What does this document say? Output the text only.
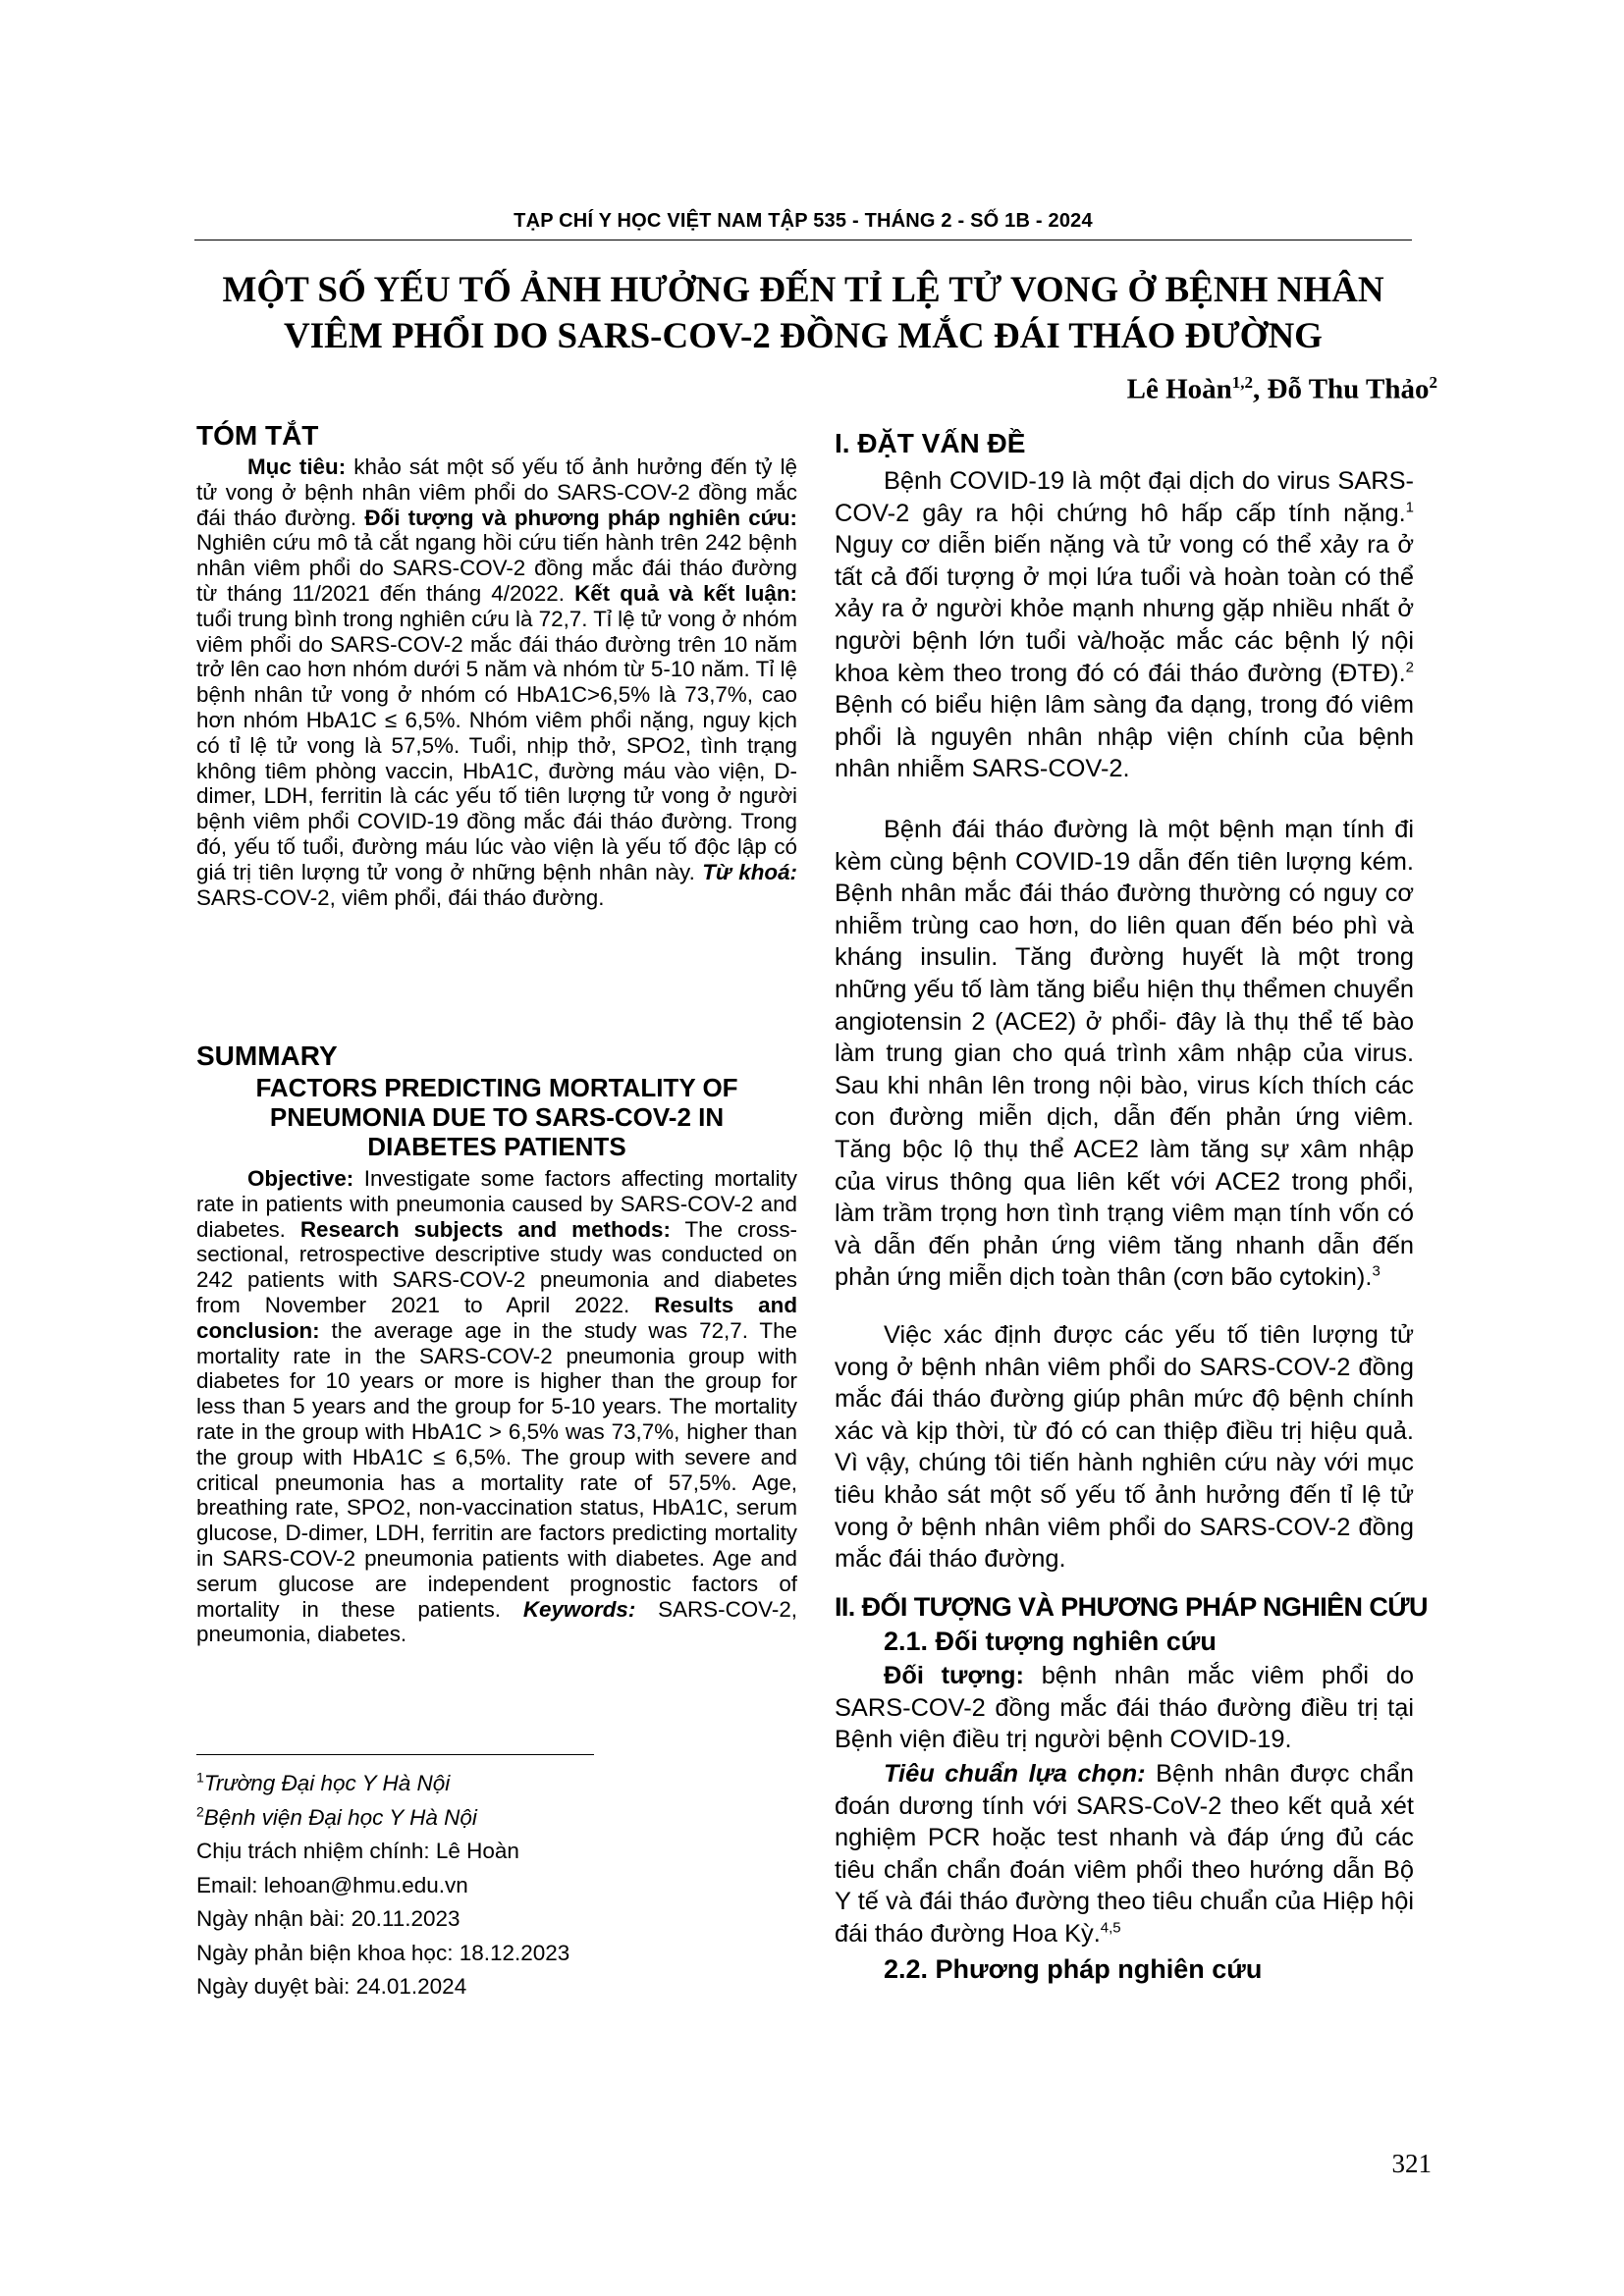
TẠP CHÍ Y HỌC VIỆT NAM TẬP 535 - THÁNG 2 - SỐ 1B - 2024
MỘT SỐ YẾU TỐ ẢNH HƯỞNG ĐẾN TỈ LỆ TỬ VONG Ở BỆNH NHÂN
VIÊM PHỔI DO SARS-COV-2 ĐỒNG MẮC ĐÁI THÁO ĐƯỜNG
Lê Hoàn$^{1,2}$, Đỗ Thu Thảo$^2$
TÓM TẮT

Mục tiêu: khảo sát một số yếu tố ảnh hưởng đến tỷ lệ tử vong ở bệnh nhân viêm phổi do SARS-COV-2 đồng mắc đái tháo đường. Đối tượng và phương pháp nghiên cứu: Nghiên cứu mô tả cắt ngang hồi cứu tiến hành trên 242 bệnh nhân viêm phổi do SARS-COV-2 đồng mắc đái tháo đường từ tháng 11/2021 đến tháng 4/2022. Kết quả và kết luận: tuổi trung bình trong nghiên cứu là 72,7. Tỉ lệ tử vong ở nhóm viêm phổi do SARS-COV-2 mắc đái tháo đường trên 10 năm trở lên cao hơn nhóm dưới 5 năm và nhóm từ 5-10 năm. Tỉ lệ bệnh nhân tử vong ở nhóm có HbA1C>6,5% là 73,7%, cao hơn nhóm HbA1C ≤ 6,5%. Nhóm viêm phổi nặng, nguy kịch có tỉ lệ tử vong là 57,5%. Tuổi, nhịp thở, SPO2, tình trạng không tiêm phòng vaccin, HbA1C, đường máu vào viện, D-dimer, LDH, ferritin là các yếu tố tiên lượng tử vong ở người bệnh viêm phổi COVID-19 đồng mắc đái tháo đường. Trong đó, yếu tố tuổi, đường máu lúc vào viện là yếu tố độc lập có giá trị tiên lượng tử vong ở những bệnh nhân này. Từ khoá: SARS-COV-2, viêm phổi, đái tháo đường.

SUMMARY
FACTORS PREDICTING MORTALITY OF
PNEUMONIA DUE TO SARS-COV-2 IN
DIABETES PATIENTS

Objective: Investigate some factors affecting mortality rate in patients with pneumonia caused by SARS-COV-2 and diabetes. Research subjects and methods: The cross-sectional, retrospective descriptive study was conducted on 242 patients with SARS-COV-2 pneumonia and diabetes from November 2021 to April 2022. Results and conclusion: the average age in the study was 72,7. The mortality rate in the SARS-COV-2 pneumonia group with diabetes for 10 years or more is higher than the group for less than 5 years and the group for 5-10 years. The mortality rate in the group with HbA1C > 6,5% was 73,7%, higher than the group with HbA1C ≤ 6,5%. The group with severe and critical pneumonia has a mortality rate of 57,5%. Age, breathing rate, SPO2, non-vaccination status, HbA1C, serum glucose, D-dimer, LDH, ferritin are factors predicting mortality in SARS-COV-2 pneumonia patients with diabetes. Age and serum glucose are independent prognostic factors of mortality in these patients. Keywords: SARS-COV-2, pneumonia, diabetes.

$^1$Trường Đại học Y Hà Nội
$^2$Bệnh viện Đại học Y Hà Nội
Chịu trách nhiệm chính: Lê Hoàn
Email: lehoan@hmu.edu.vn
Ngày nhận bài: 20.11.2023
Ngày phản biện khoa học: 18.12.2023
Ngày duyệt bài: 24.01.2024
I. ĐẶT VẤN ĐỀ

Bệnh COVID-19 là một đại dịch do virus SARS-COV-2 gây ra hội chứng hô hấp cấp tính nặng.$^1$ Nguy cơ diễn biến nặng và tử vong có thể xảy ra ở tất cả đối tượng ở mọi lứa tuổi và hoàn toàn có thể xảy ra ở người khỏe mạnh nhưng gặp nhiều nhất ở người bệnh lớn tuổi và/hoặc mắc các bệnh lý nội khoa kèm theo trong đó có đái tháo đường (ĐTĐ).$^2$ Bệnh có biểu hiện lâm sàng đa dạng, trong đó viêm phổi là nguyên nhân nhập viện chính của bệnh nhân nhiễm SARS-COV-2.

Bệnh đái tháo đường là một bệnh mạn tính đi kèm cùng bệnh COVID-19 dẫn đến tiên lượng kém. Bệnh nhân mắc đái tháo đường thường có nguy cơ nhiễm trùng cao hơn, do liên quan đến béo phì và kháng insulin. Tăng đường huyết là một trong những yếu tố làm tăng biểu hiện thụ thểmen chuyển angiotensin 2 (ACE2) ở phổi- đây là thụ thể tế bào làm trung gian cho quá trình xâm nhập của virus. Sau khi nhân lên trong nội bào, virus kích thích các con đường miễn dịch, dẫn đến phản ứng viêm. Tăng bộc lộ thụ thể ACE2 làm tăng sự xâm nhập của virus thông qua liên kết với ACE2 trong phổi, làm trầm trọng hơn tình trạng viêm mạn tính vốn có và dẫn đến phản ứng viêm tăng nhanh dẫn đến phản ứng miễn dịch toàn thân (cơn bão cytokin).$^3$

Việc xác định được các yếu tố tiên lượng tử vong ở bệnh nhân viêm phổi do SARS-COV-2 đồng mắc đái tháo đường giúp phân mức độ bệnh chính xác và kịp thời, từ đó có can thiệp điều trị hiệu quả. Vì vậy, chúng tôi tiến hành nghiên cứu này với mục tiêu khảo sát một số yếu tố ảnh hưởng đến tỉ lệ tử vong ở bệnh nhân viêm phổi do SARS-COV-2 đồng mắc đái tháo đường.

II. ĐỐI TƯỢNG VÀ PHƯƠNG PHÁP NGHIÊN CỨU
2.1. Đối tượng nghiên cứu

Đối tượng: bệnh nhân mắc viêm phổi do SARS-COV-2 đồng mắc đái tháo đường điều trị tại Bệnh viện điều trị người bệnh COVID-19.

Tiêu chuẩn lựa chọn: Bệnh nhân được chẩn đoán dương tính với SARS-CoV-2 theo kết quả xét nghiệm PCR hoặc test nhanh và đáp ứng đủ các tiêu chẩn chẩn đoán viêm phổi theo hướng dẫn Bộ Y tế và đái tháo đường theo tiêu chuẩn của Hiệp hội đái tháo đường Hoa Kỳ.$^{4,5}$

2.2. Phương pháp nghiên cứu
321
